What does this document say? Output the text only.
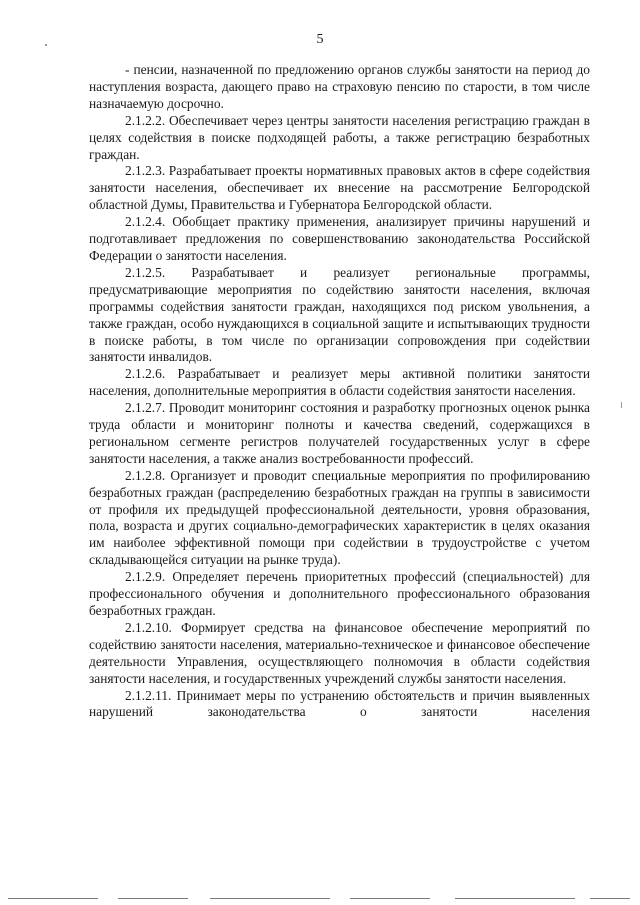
5

- пенсии, назначенной по предложению органов службы занятости на период до наступления возраста, дающего право на страховую пенсию по старости, в том числе назначаемую досрочно.

2.1.2.2. Обеспечивает через центры занятости населения регистрацию граждан в целях содействия в поиске подходящей работы, а также регистрацию безработных граждан.

2.1.2.3. Разрабатывает проекты нормативных правовых актов в сфере содействия занятости населения, обеспечивает их внесение на рассмотрение Белгородской областной Думы, Правительства и Губернатора Белгородской области.

2.1.2.4. Обобщает практику применения, анализирует причины нарушений и подготавливает предложения по совершенствованию законодательства Российской Федерации о занятости населения.

2.1.2.5. Разрабатывает и реализует региональные программы, предусматривающие мероприятия по содействию занятости населения, включая программы содействия занятости граждан, находящихся под риском увольнения, а также граждан, особо нуждающихся в социальной защите и испытывающих трудности в поиске работы, в том числе по организации сопровождения при содействии занятости инвалидов.

2.1.2.6. Разрабатывает и реализует меры активной политики занятости населения, дополнительные мероприятия в области содействия занятости населения.

2.1.2.7. Проводит мониторинг состояния и разработку прогнозных оценок рынка труда области и мониторинг полноты и качества сведений, содержащихся в региональном сегменте регистров получателей государственных услуг в сфере занятости населения, а также анализ востребованности профессий.

2.1.2.8. Организует и проводит специальные мероприятия по профилированию безработных граждан (распределению безработных граждан на группы в зависимости от профиля их предыдущей профессиональной деятельности, уровня образования, пола, возраста и других социально-демографических характеристик в целях оказания им наиболее эффективной помощи при содействии в трудоустройстве с учетом складывающейся ситуации на рынке труда).

2.1.2.9. Определяет перечень приоритетных профессий (специальностей) для профессионального обучения и дополнительного профессионального образования безработных граждан.

2.1.2.10. Формирует средства на финансовое обеспечение мероприятий по содействию занятости населения, материально-техническое и финансовое обеспечение деятельности Управления, осуществляющего полномочия в области содействия занятости населения, и государственных учреждений службы занятости населения.

2.1.2.11. Принимает меры по устранению обстоятельств и причин выявленных нарушений законодательства о занятости населения
